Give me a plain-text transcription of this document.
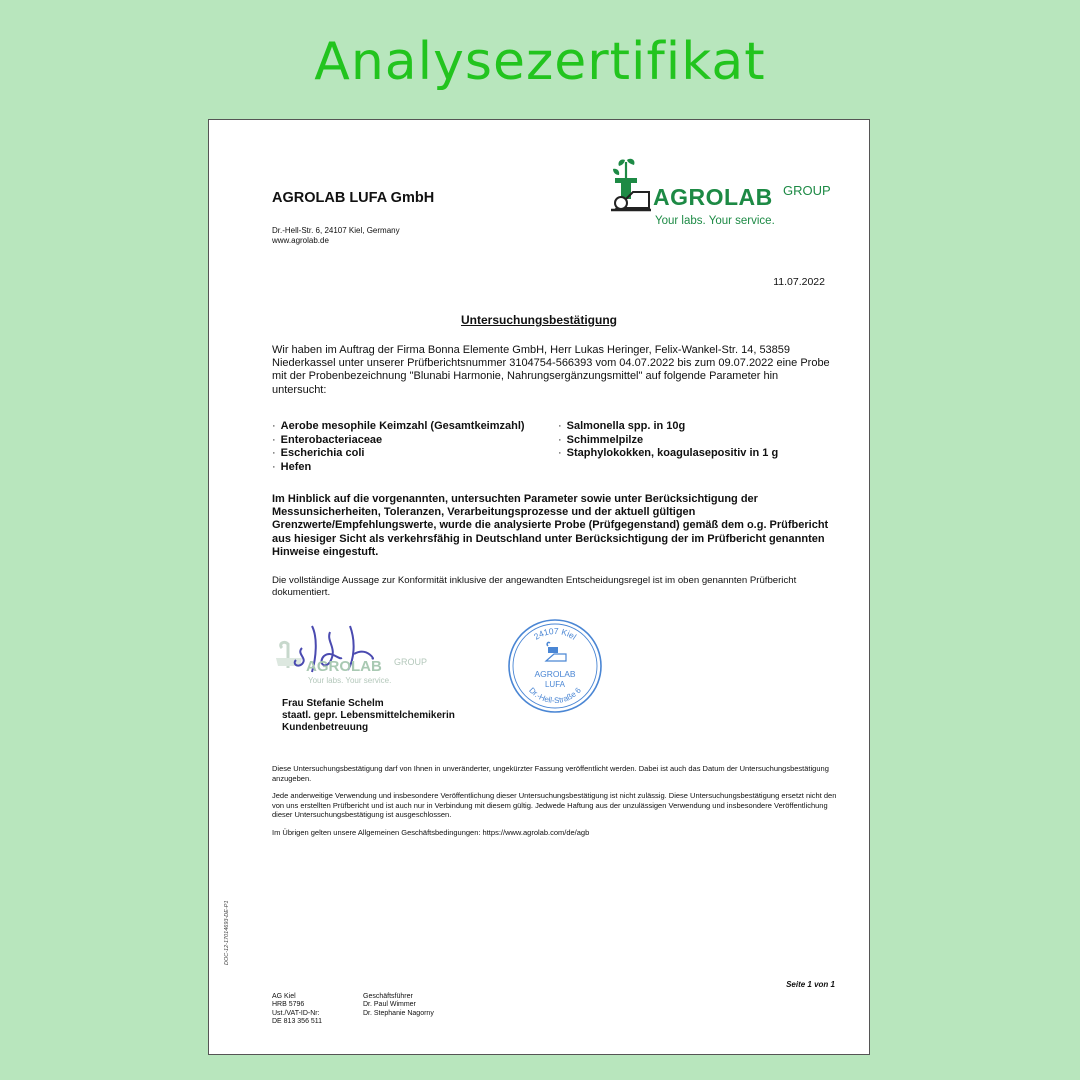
Analysezertifikat
AGROLAB LUFA GmbH
Dr.-Hell-Str. 6, 24107 Kiel, Germany
www.agrolab.de
AGROLAB GROUP
Your labs. Your service.
11.07.2022
Untersuchungsbestätigung
Wir haben im Auftrag der Firma Bonna Elemente GmbH, Herr Lukas Heringer, Felix-Wankel-Str. 14, 53859 Niederkassel unter unserer Prüfberichtsnummer 3104754-566393 vom 04.07.2022 bis zum 09.07.2022 eine Probe mit der Probenbezeichnung "Blunabi Harmonie, Nahrungsergänzungsmittel" auf folgende Parameter hin untersucht:
· Aerobe mesophile Keimzahl (Gesamtkeimzahl)
· Enterobacteriaceae
· Escherichia coli
· Hefen
· Salmonella spp. in 10g
· Schimmelpilze
· Staphylokokken, koagulasepositiv in 1 g
Im Hinblick auf die vorgenannten, untersuchten Parameter sowie unter Berücksichtigung der Messunsicherheiten, Toleranzen, Verarbeitungsprozesse und der aktuell gültigen Grenzwerte/Empfehlungswerte, wurde die analysierte Probe (Prüfgegenstand) gemäß dem o.g. Prüfbericht aus hiesiger Sicht als verkehrsfähig in Deutschland unter Berücksichtigung der im Prüfbericht genannten Hinweise eingestuft.
Die vollständige Aussage zur Konformität inklusive der angewandten Entscheidungsregel ist im oben genannten Prüfbericht dokumentiert.
AGROLAB GROUP
Your labs. Your service.
24107 Kiel
Dr.-Hell-Straße 6
AGROLAB
LUFA
Frau Stefanie Schelm
staatl. gepr. Lebensmittelchemikerin
Kundenbetreuung

Diese Untersuchungsbestätigung darf von Ihnen in unveränderter, ungekürzter Fassung veröffentlicht werden. Dabei ist auch das Datum der Untersuchungsbestätigung anzugeben.

Jede anderweitige Verwendung und insbesondere Veröffentlichung dieser Untersuchungsbestätigung ist nicht zulässig. Diese Untersuchungsbestätigung ersetzt nicht den von uns erstellten Prüfbericht und ist auch nur in Verbindung mit diesem gültig. Jedwede Haftung aus der unzulässigen Verwendung und insbesondere Veröffentlichung dieser Untersuchungsbestätigung ist ausgeschlossen.

Im Übrigen gelten unsere Allgemeinen Geschäftsbedingungen: https://www.agrolab.com/de/agb

DOC-12-17014693-DE-P1
Seite 1 von 1
AG Kiel
HRB 5796
Ust./VAT-ID-Nr:
DE 813 356 511
Geschäftsführer
Dr. Paul Wimmer
Dr. Stephanie Nagorny
